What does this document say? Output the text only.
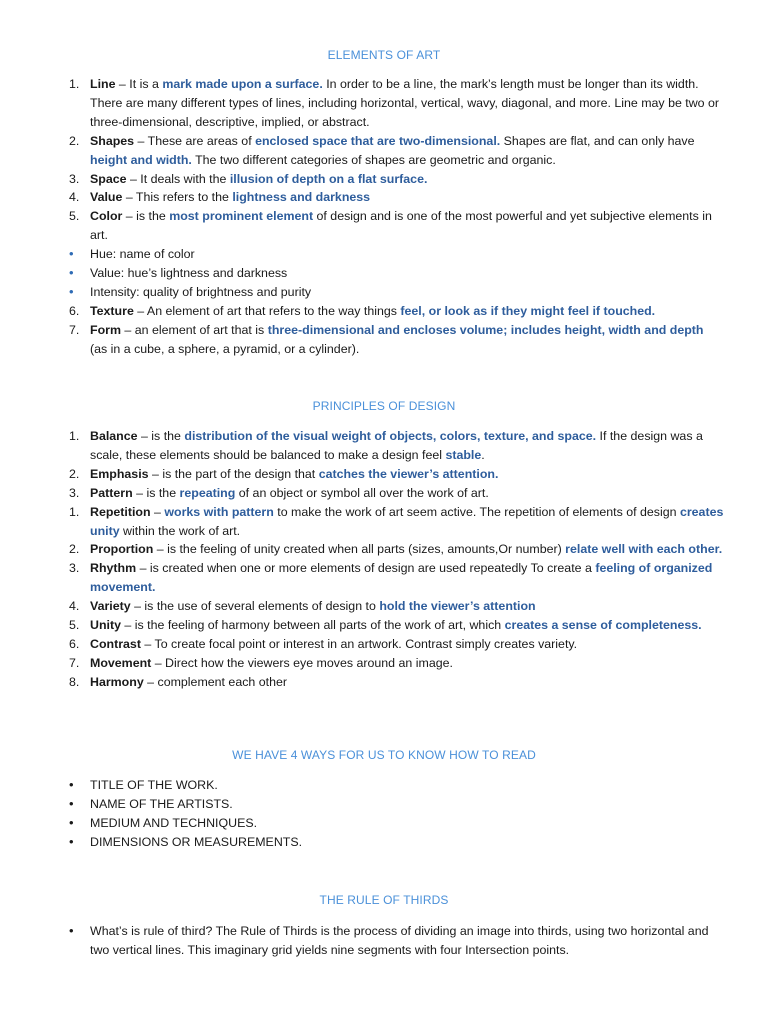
ELEMENTS OF ART
1. Line – It is a mark made upon a surface. In order to be a line, the mark’s length must be longer than its width. There are many different types of lines, including horizontal, vertical, wavy, diagonal, and more. Line may be two or three-dimensional, descriptive, implied, or abstract.
2. Shapes – These are areas of enclosed space that are two-dimensional. Shapes are flat, and can only have height and width. The two different categories of shapes are geometric and organic.
3. Space – It deals with the illusion of depth on a flat surface.
4. Value – This refers to the lightness and darkness
5. Color – is the most prominent element of design and is one of the most powerful and yet subjective elements in art.
• Hue: name of color
• Value: hue’s lightness and darkness
• Intensity: quality of brightness and purity
6. Texture – An element of art that refers to the way things feel, or look as if they might feel if touched.
7. Form – an element of art that is three-dimensional and encloses volume; includes height, width and depth (as in a cube, a sphere, a pyramid, or a cylinder).
PRINCIPLES OF DESIGN
1. Balance – is the distribution of the visual weight of objects, colors, texture, and space. If the design was a scale, these elements should be balanced to make a design feel stable.
2. Emphasis – is the part of the design that catches the viewer’s attention.
3. Pattern – is the repeating of an object or symbol all over the work of art.
1. Repetition – works with pattern to make the work of art seem active. The repetition of elements of design creates unity within the work of art.
2. Proportion – is the feeling of unity created when all parts (sizes, amounts,Or number) relate well with each other.
3. Rhythm – is created when one or more elements of design are used repeatedly To create a feeling of organized movement.
4. Variety – is the use of several elements of design to hold the viewer’s attention
5. Unity – is the feeling of harmony between all parts of the work of art, which creates a sense of completeness.
6. Contrast – To create focal point or interest in an artwork. Contrast simply creates variety.
7. Movement – Direct how the viewers eye moves around an image.
8. Harmony – complement each other
WE HAVE 4 WAYS FOR US TO KNOW HOW TO READ
• TITLE OF THE WORK.
• NAME OF THE ARTISTS.
• MEDIUM AND TECHNIQUES.
• DIMENSIONS OR MEASUREMENTS.
THE RULE OF THIRDS
• What’s is rule of third? The Rule of Thirds is the process of dividing an image into thirds, using two horizontal and two vertical lines. This imaginary grid yields nine segments with four Intersection points.
